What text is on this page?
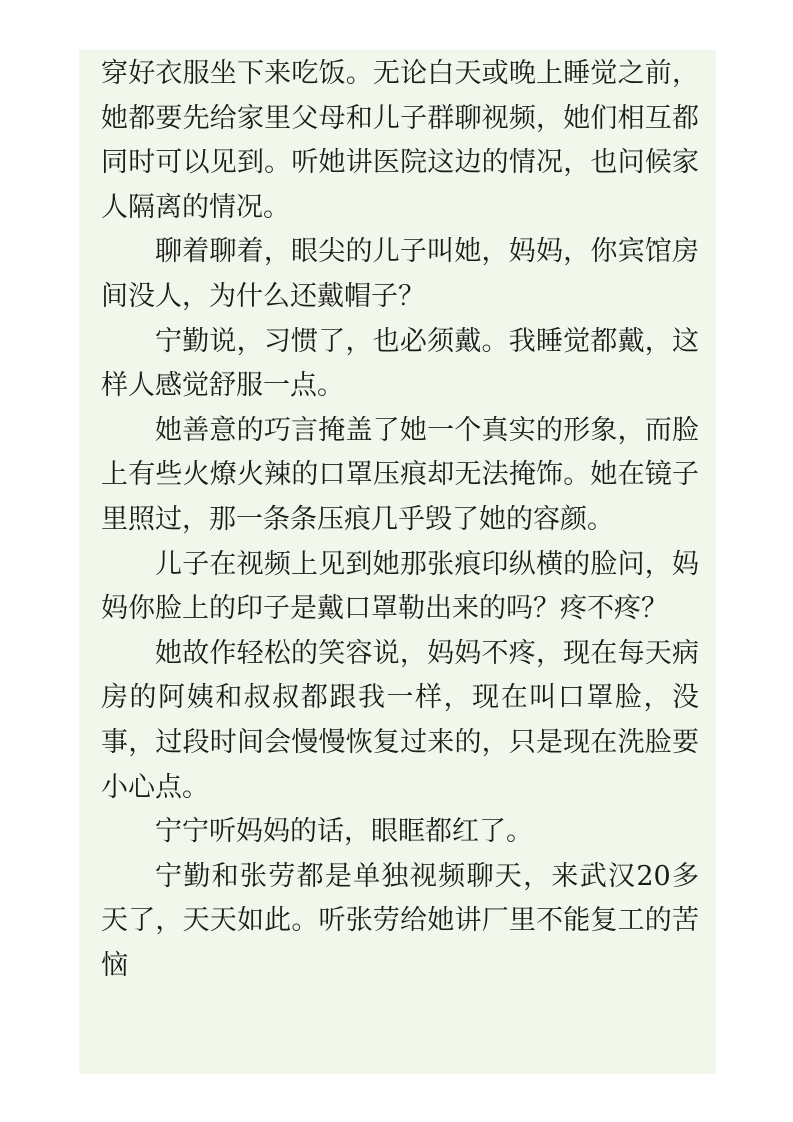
穿好衣服坐下来吃饭。无论白天或晚上睡觉之前，她都要先给家里父母和儿子群聊视频，她们相互都同时可以见到。听她讲医院这边的情况，也问候家人隔离的情况。

聊着聊着，眼尖的儿子叫她，妈妈，你宾馆房间没人，为什么还戴帽子？

宁勤说，习惯了，也必须戴。我睡觉都戴，这样人感觉舒服一点。

她善意的巧言掩盖了她一个真实的形象，而脸上有些火燎火辣的口罩压痕却无法掩饰。她在镜子里照过，那一条条压痕几乎毁了她的容颜。

儿子在视频上见到她那张痕印纵横的脸问，妈妈你脸上的印子是戴口罩勒出来的吗？疼不疼？

她故作轻松的笑容说，妈妈不疼，现在每天病房的阿姨和叔叔都跟我一样，现在叫口罩脸，没事，过段时间会慢慢恢复过来的，只是现在洗脸要小心点。

宁宁听妈妈的话，眼眶都红了。

宁勤和张劳都是单独视频聊天，来武汉20多天了，天天如此。听张劳给她讲厂里不能复工的苦恼
